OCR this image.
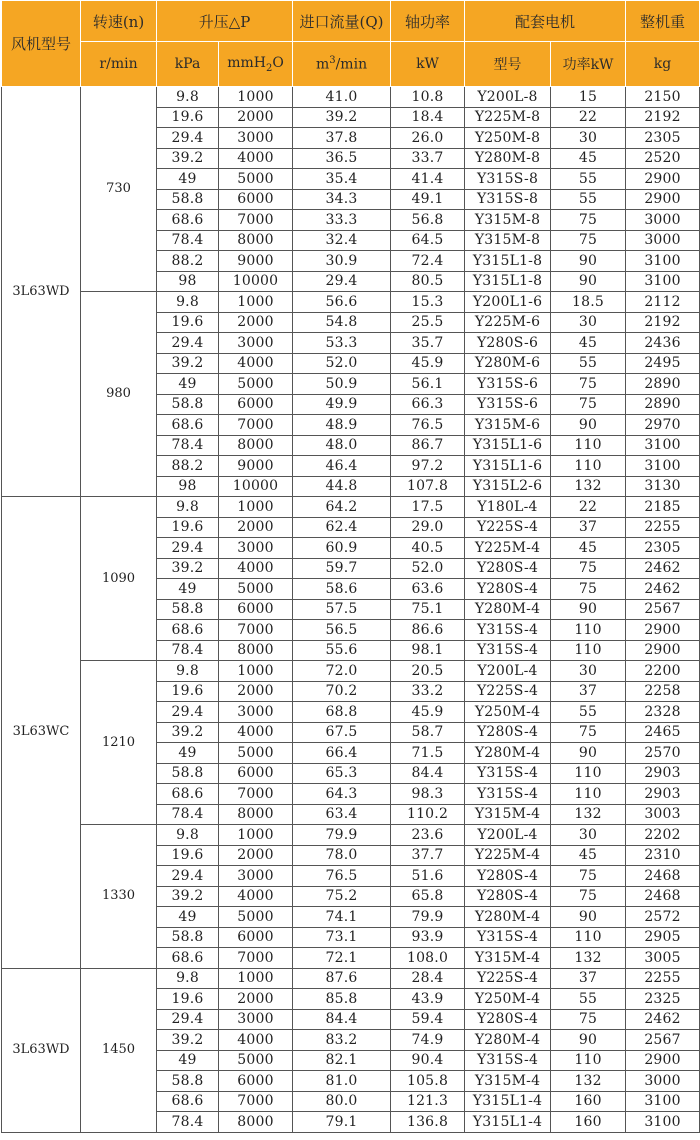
风机型号	转速(n)	升压△P		进口流量(Q)	轴功率	配套电机		整机重
	r/min	kPa	mmH$_2$O	$m^3/\min$	kW	型号	功率kW	kg
3L63WD	730	9.8	1000	41.0	10.8	Y200L-8	15	2150
		19.6	2000	39.2	18.4	Y225M-8	22	2192
		29.4	3000	37.8	26.0	Y250M-8	30	2305
		39.2	4000	36.5	33.7	Y280M-8	45	2520
		49	5000	35.4	41.4	Y315S-8	55	2900
		58.8	6000	34.3	49.1	Y315S-8	55	2900
		68.6	7000	33.3	56.8	Y315M-8	75	3000
		78.4	8000	32.4	64.5	Y315M-8	75	3000
		88.2	9000	30.9	72.4	Y315L1-8	90	3100
		98	10000	29.4	80.5	Y315L1-8	90	3100
	980	9.8	1000	56.6	15.3	Y200L1-6	18.5	2112
		19.6	2000	54.8	25.5	Y225M-6	30	2192
		29.4	3000	53.3	35.7	Y280S-6	45	2436
		39.2	4000	52.0	45.9	Y280M-6	55	2495
		49	5000	50.9	56.1	Y315S-6	75	2890
		58.8	6000	49.9	66.3	Y315S-6	75	2890
		68.6	7000	48.9	76.5	Y315M-6	90	2970
		78.4	8000	48.0	86.7	Y315L1-6	110	3100
		88.2	9000	46.4	97.2	Y315L1-6	110	3100
		98	10000	44.8	107.8	Y315L2-6	132	3130
3L63WC	1090	9.8	1000	64.2	17.5	Y180L-4	22	2185
		19.6	2000	62.4	29.0	Y225S-4	37	2255
		29.4	3000	60.9	40.5	Y225M-4	45	2305
		39.2	4000	59.7	52.0	Y280S-4	75	2462
		49	5000	58.6	63.6	Y280S-4	75	2462
		58.8	6000	57.5	75.1	Y280M-4	90	2567
		68.6	7000	56.5	86.6	Y315S-4	110	2900
		78.4	8000	55.6	98.1	Y315S-4	110	2900
	1210	9.8	1000	72.0	20.5	Y200L-4	30	2200
		19.6	2000	70.2	33.2	Y225S-4	37	2258
		29.4	3000	68.8	45.9	Y250M-4	55	2328
		39.2	4000	67.5	58.7	Y280S-4	75	2465
		49	5000	66.4	71.5	Y280M-4	90	2570
		58.8	6000	65.3	84.4	Y315S-4	110	2903
		68.6	7000	64.3	98.3	Y315S-4	110	2903
		78.4	8000	63.4	110.2	Y315M-4	132	3003
	1330	9.8	1000	79.9	23.6	Y200L-4	30	2202
		19.6	2000	78.0	37.7	Y225M-4	45	2310
		29.4	3000	76.5	51.6	Y280S-4	75	2468
		39.2	4000	75.2	65.8	Y280S-4	75	2468
		49	5000	74.1	79.9	Y280M-4	90	2572
		58.8	6000	73.1	93.9	Y315S-4	110	2905
		68.6	7000	72.1	108.0	Y315M-4	132	3005
3L63WD	1450	9.8	1000	87.6	28.4	Y225S-4	37	2255
		19.6	2000	85.8	43.9	Y250M-4	55	2325
		29.4	3000	84.4	59.4	Y280S-4	75	2462
		39.2	4000	83.2	74.9	Y280M-4	90	2567
		49	5000	82.1	90.4	Y315S-4	110	2900
		58.8	6000	81.0	105.8	Y315M-4	132	3000
		68.6	7000	80.0	121.3	Y315L1-4	160	3100
		78.4	8000	79.1	136.8	Y315L1-4	160	3100
